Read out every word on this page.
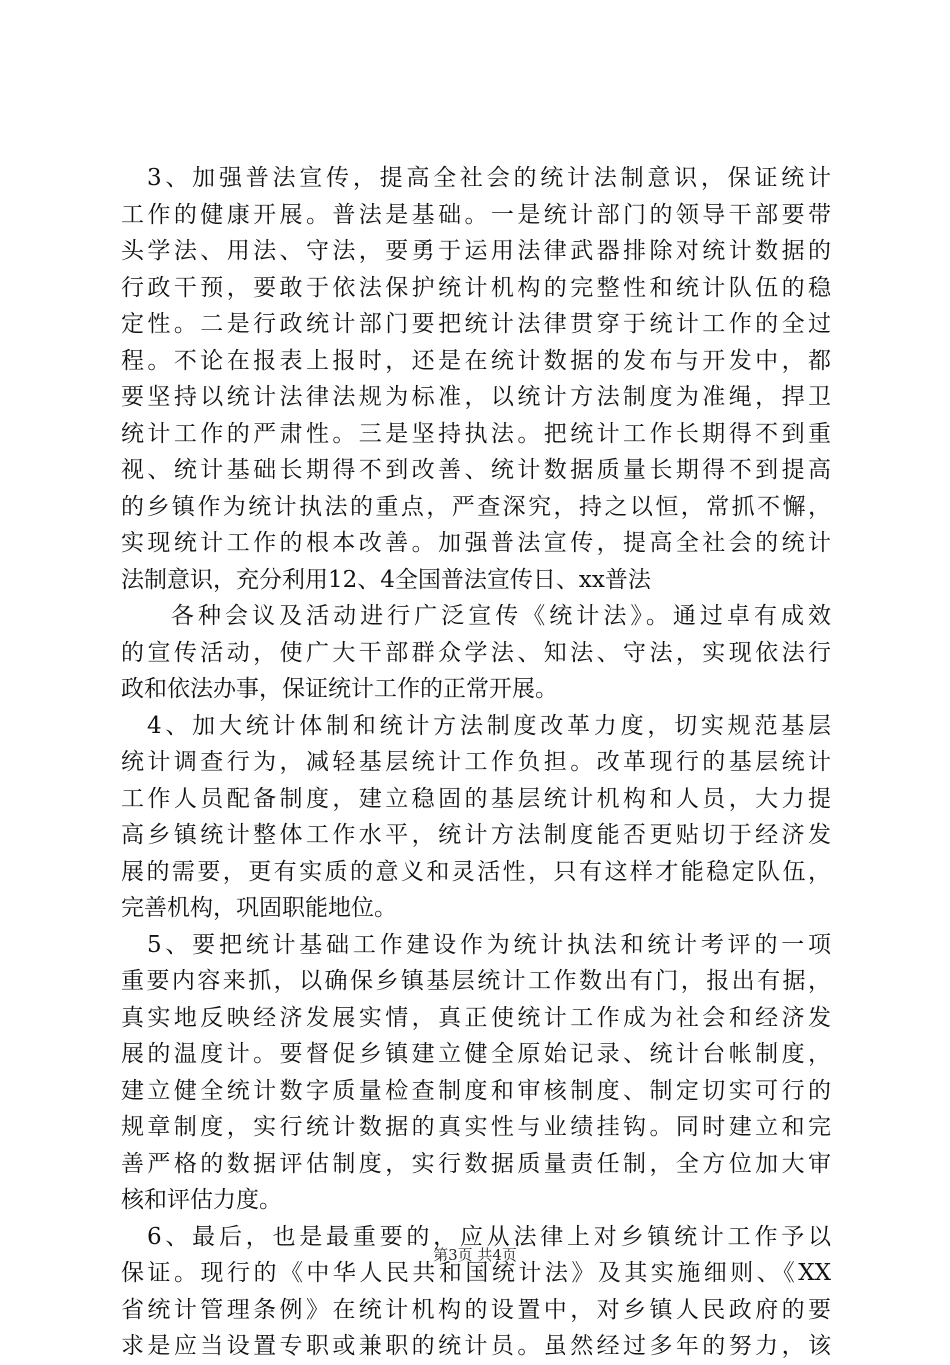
3、加强普法宣传，提高全社会的统计法制意识，保证统计
工作的健康开展。普法是基础。一是统计部门的领导干部要带
头学法、用法、守法，要勇于运用法律武器排除对统计数据的
行政干预，要敢于依法保护统计机构的完整性和统计队伍的稳
定性。二是行政统计部门要把统计法律贯穿于统计工作的全过
程。不论在报表上报时，还是在统计数据的发布与开发中，都
要坚持以统计法律法规为标准，以统计方法制度为准绳，捍卫
统计工作的严肃性。三是坚持执法。把统计工作长期得不到重
视、统计基础长期得不到改善、统计数据质量长期得不到提高
的乡镇作为统计执法的重点，严查深究，持之以恒，常抓不懈，
实现统计工作的根本改善。加强普法宣传，提高全社会的统计
法制意识，充分利用12、4全国普法宣传日、xx普法
各种会议及活动进行广泛宣传《统计法》。通过卓有成效
的宣传活动，使广大干部群众学法、知法、守法，实现依法行
政和依法办事，保证统计工作的正常开展。
4、加大统计体制和统计方法制度改革力度，切实规范基层
统计调查行为，减轻基层统计工作负担。改革现行的基层统计
工作人员配备制度，建立稳固的基层统计机构和人员，大力提
高乡镇统计整体工作水平，统计方法制度能否更贴切于经济发
展的需要，更有实质的意义和灵活性，只有这样才能稳定队伍，
完善机构，巩固职能地位。
5、要把统计基础工作建设作为统计执法和统计考评的一项
重要内容来抓，以确保乡镇基层统计工作数出有门，报出有据，
真实地反映经济发展实情，真正使统计工作成为社会和经济发
展的温度计。要督促乡镇建立健全原始记录、统计台帐制度，
建立健全统计数字质量检查制度和审核制度、制定切实可行的
规章制度，实行统计数据的真实性与业绩挂钩。同时建立和完
善严格的数据评估制度，实行数据质量责任制，全方位加大审
核和评估力度。
6、最后，也是最重要的，应从法律上对乡镇统计工作予以
保证。现行的《中华人民共和国统计法》及其实施细则、《XX
省统计管理条例》在统计机构的设置中，对乡镇人民政府的要
求是应当设置专职或兼职的统计员。虽然经过多年的努力，该
第3页 共4页
